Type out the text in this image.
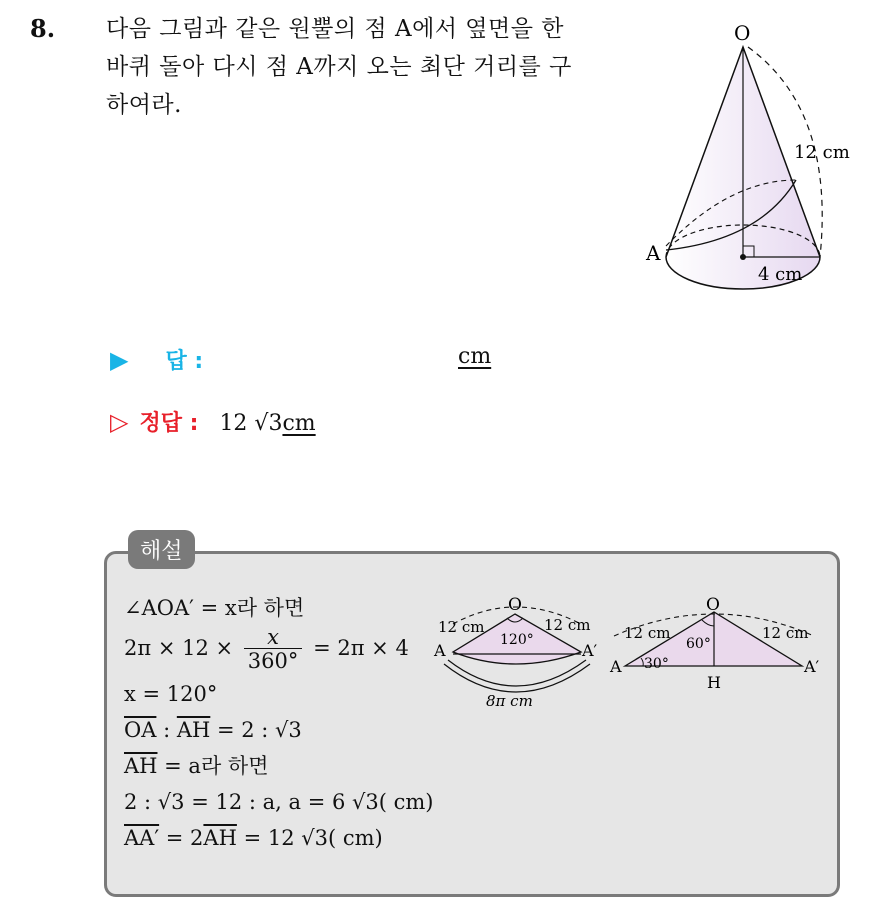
8. 다음 그림과 같은 원뿔의 점 A에서 옆면을 한
바퀴 돌아 다시 점 A까지 오는 최단 거리를 구
하여라.
O
12 cm
A
4 cm
▶ 답 :	cm
▷ 정답 : 12 √3cm
해설
∠AOA′ = x라 하면
$2\pi \times 12 \times \frac{x}{360^\circ} = 2\pi \times 4$
x = 120°
$\overline{OA}$ : $\overline{AH} = 2$ : √3
$\overline{AH} = a$라 하면
2 : √3 = 12 : a, a = 6 √3( cm)
$AA' = 2\overline{AH} = 12$ √3( cm)
O
12 cm	12 cm
120°
A	A′
8π cm
O
12 cm	12 cm
60°
30°
A	A′
H
